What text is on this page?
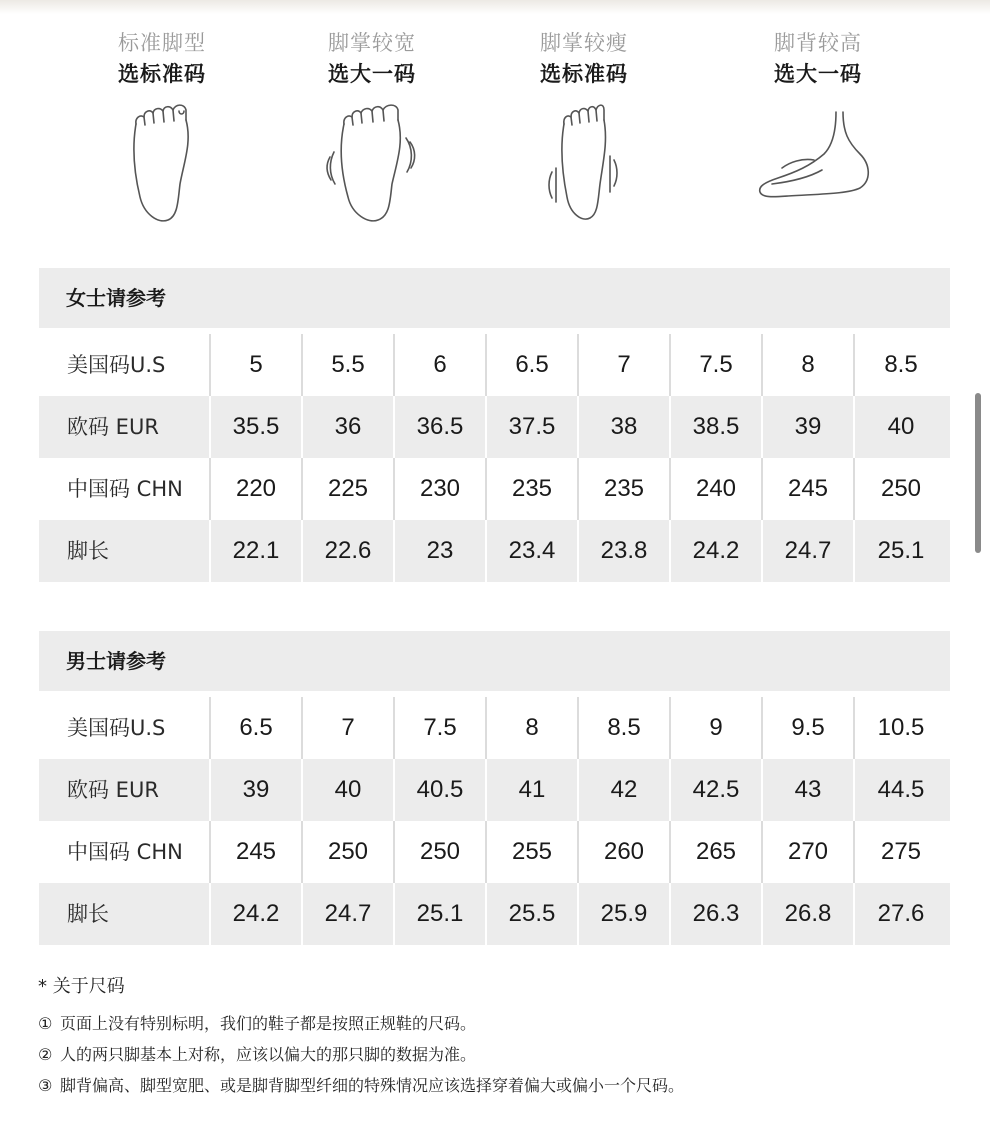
标准脚型
选标准码
脚掌较宽
选大一码
脚掌较瘦
选标准码
脚背较高
选大一码
女士请参考
美国码U.S	5	5.5	6	6.5	7	7.5	8	8.5
欧码 EUR	35.5	36	36.5	37.5	38	38.5	39	40
中国码 CHN	220	225	230	235	235	240	245	250
脚长	22.1	22.6	23	23.4	23.8	24.2	24.7	25.1
男士请参考
美国码U.S	6.5	7	7.5	8	8.5	9	9.5	10.5
欧码 EUR	39	40	40.5	41	42	42.5	43	44.5
中国码 CHN	245	250	250	255	260	265	270	275
脚长	24.2	24.7	25.1	25.5	25.9	26.3	26.8	27.6
* 关于尺码
① 页面上没有特别标明，我们的鞋子都是按照正规鞋的尺码。
② 人的两只脚基本上对称，应该以偏大的那只脚的数据为准。
③ 脚背偏高、脚型宽肥、或是脚背脚型纤细的特殊情况应该选择穿着偏大或偏小一个尺码。
